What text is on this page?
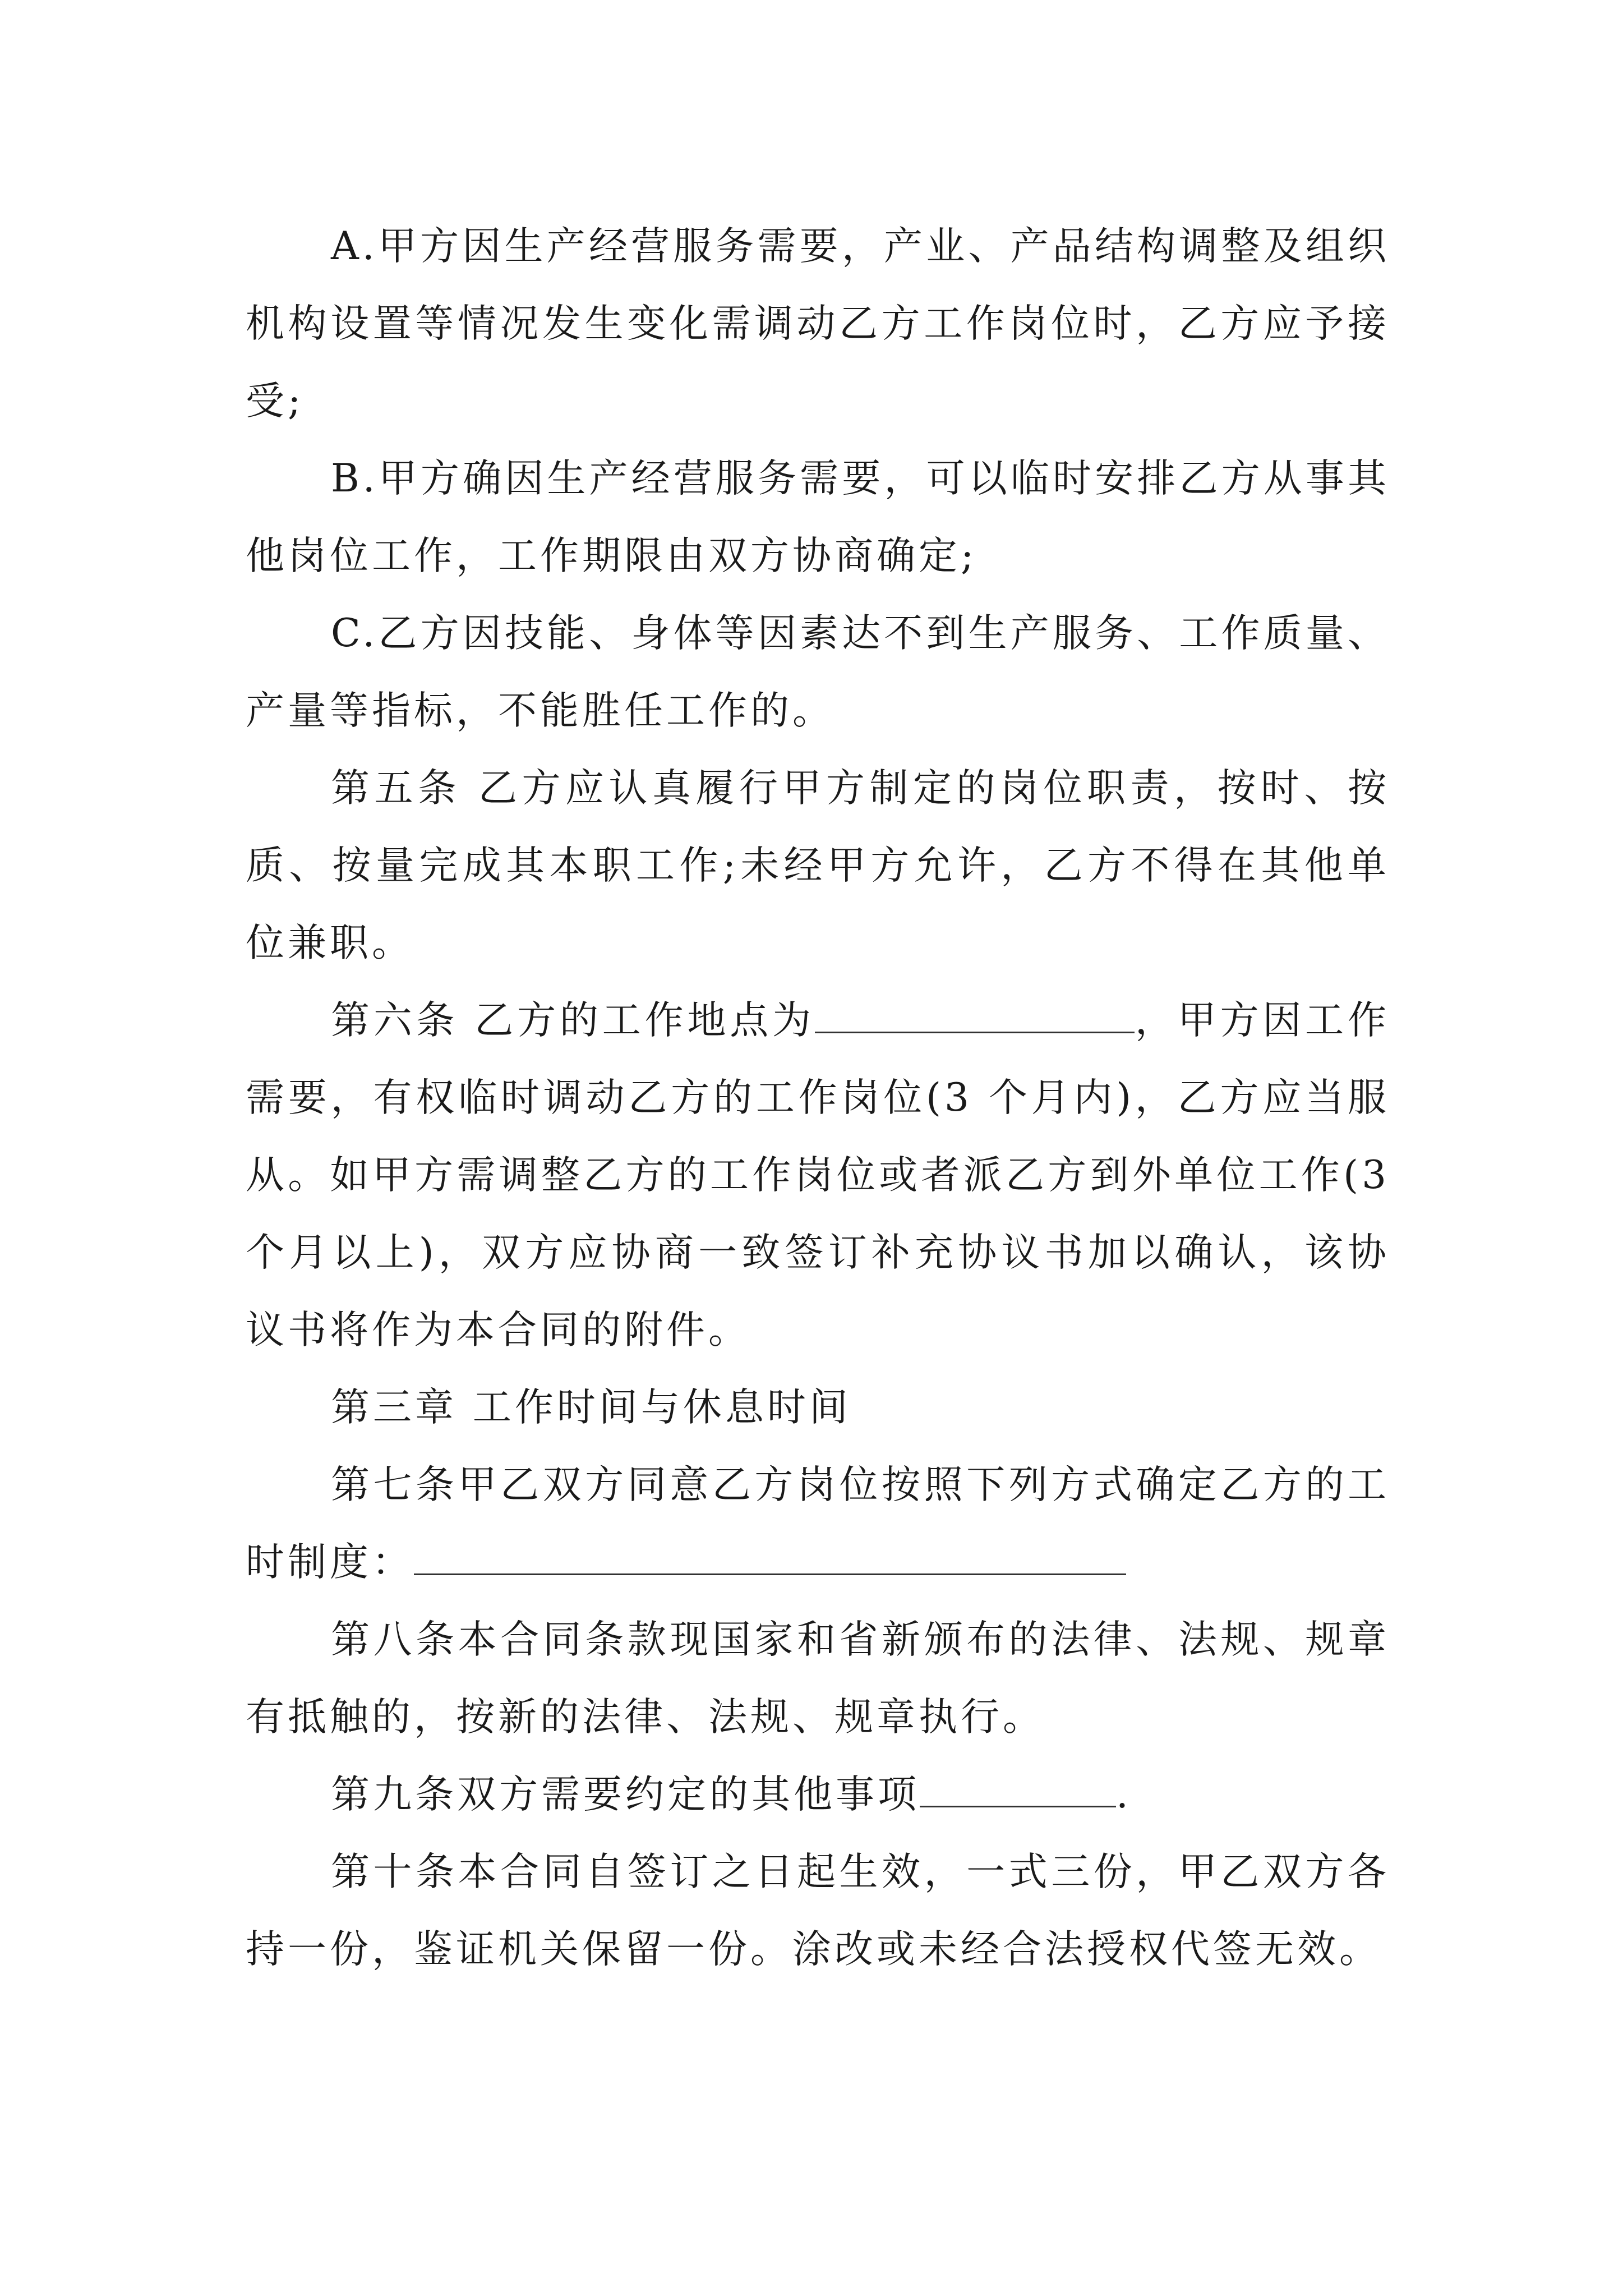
A.甲方因生产经营服务需要，产业、产品结构调整及组织机构设置等情况发生变化需调动乙方工作岗位时，乙方应予接受;

B.甲方确因生产经营服务需要，可以临时安排乙方从事其他岗位工作，工作期限由双方协商确定;

C.乙方因技能、身体等因素达不到生产服务、工作质量、产量等指标，不能胜任工作的。

第五条 乙方应认真履行甲方制定的岗位职责，按时、按质、按量完成其本职工作;未经甲方允许，乙方不得在其他单位兼职。

第六条 乙方的工作地点为	，甲方因工作需要，有权临时调动乙方的工作岗位(3 个月内)，乙方应当服从。如甲方需调整乙方的工作岗位或者派乙方到外单位工作(3 个月以上)，双方应协商一致签订补充协议书加以确认，该协议书将作为本合同的附件。

第三章 工作时间与休息时间

第七条甲乙双方同意乙方岗位按照下列方式确定乙方的工时制度：

第八条本合同条款现国家和省新颁布的法律、法规、规章有抵触的，按新的法律、法规、规章执行。

第九条双方需要约定的其他事项	.

第十条本合同自签订之日起生效，一式三份，甲乙双方各持一份，鉴证机关保留一份。涂改或未经合法授权代签无效。
